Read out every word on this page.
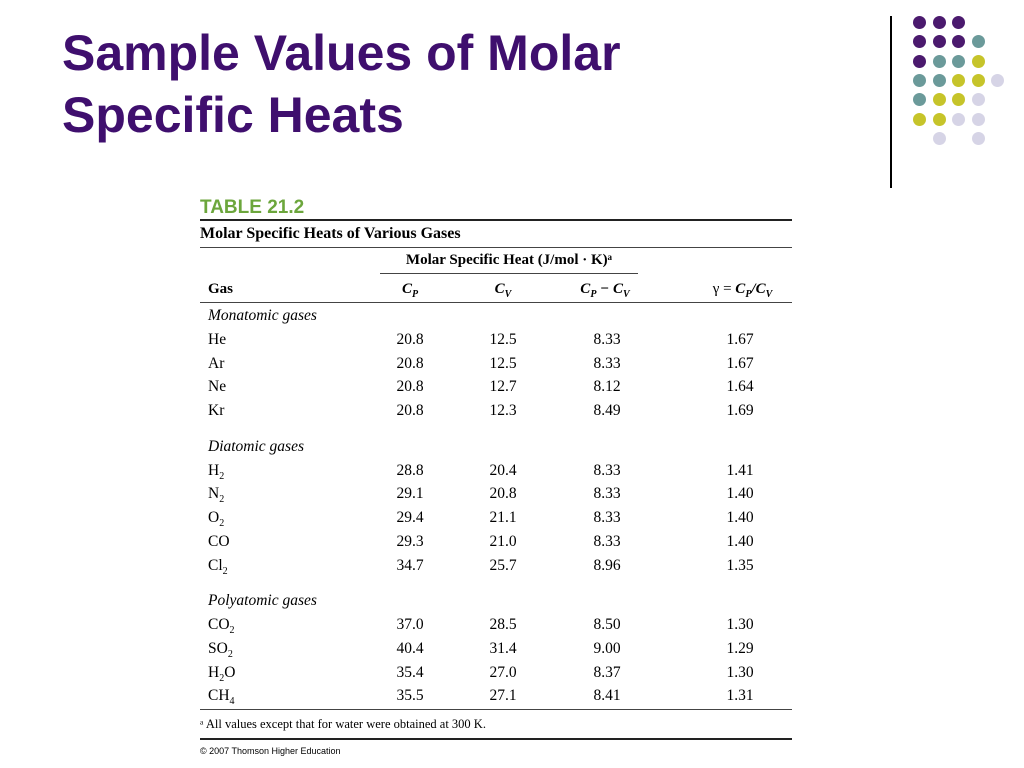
Sample Values of Molar
Specific Heats
TABLE 21.2
Molar Specific Heats of Various Gases
Molar Specific Heat (J/mol · K)ᵃ
Gas	$C_P$	$C_V$	$C_P - C_V$	$\gamma = C_P/C_V$
Monatomic gases
He	20.8	12.5	8.33	1.67
Ar	20.8	12.5	8.33	1.67
Ne	20.8	12.7	8.12	1.64
Kr	20.8	12.3	8.49	1.69
Diatomic gases
$H_2$	28.8	20.4	8.33	1.41
$N_2$	29.1	20.8	8.33	1.40
$O_2$	29.4	21.1	8.33	1.40
CO	29.3	21.0	8.33	1.40
$Cl_2$	34.7	25.7	8.96	1.35
Polyatomic gases
$CO_2$	37.0	28.5	8.50	1.30
$SO_2$	40.4	31.4	9.00	1.29
$H_2O$	35.4	27.0	8.37	1.30
$CH_4$	35.5	27.1	8.41	1.31
ᵃ All values except that for water were obtained at 300 K.
© 2007 Thomson Higher Education
